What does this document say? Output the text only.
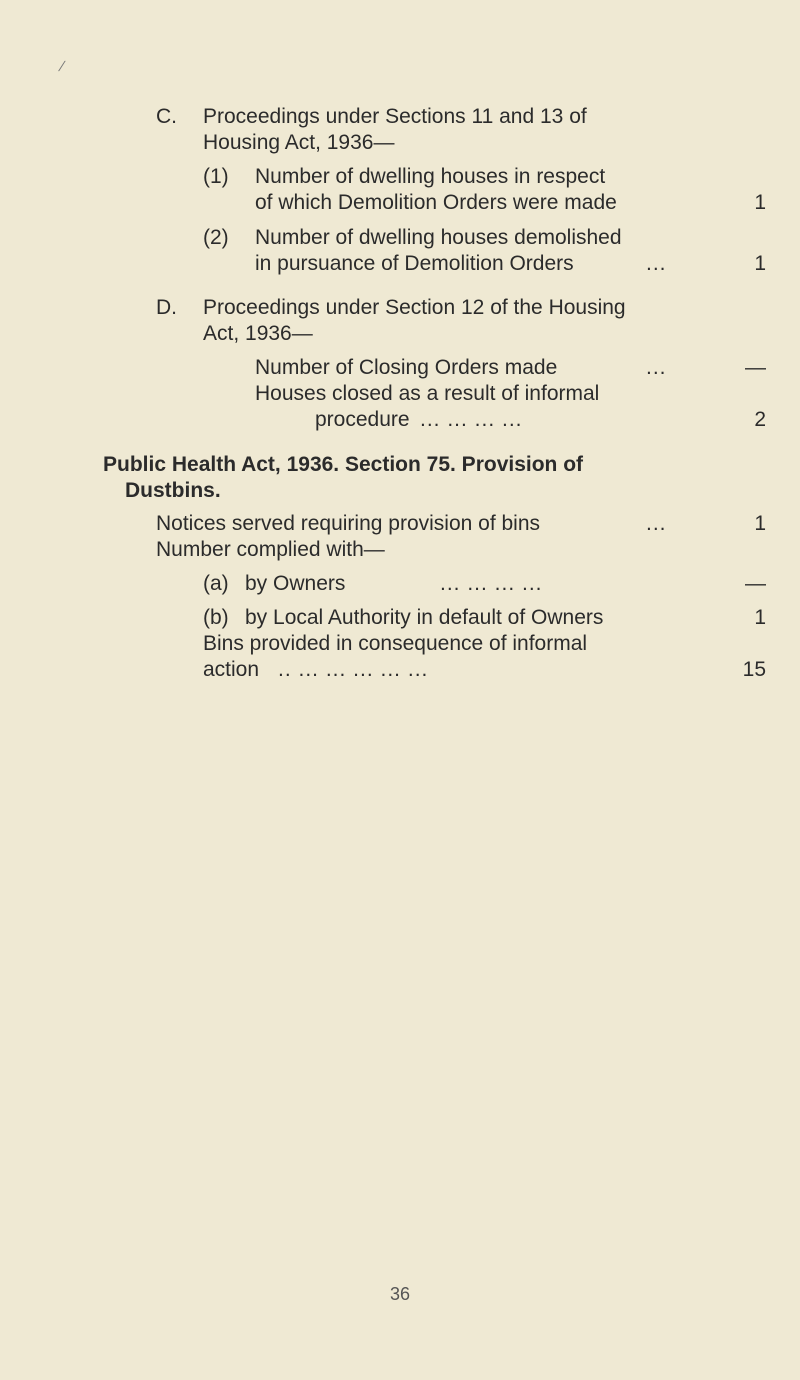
/
C. Proceedings under Sections 11 and 13 of
Housing Act, 1936—
(1) Number of dwelling houses in respect
of which Demolition Orders were made	1
(2) Number of dwelling houses demolished
in pursuance of Demolition Orders	...	1
D. Proceedings under Section 12 of the Housing
Act, 1936—
Number of Closing Orders made	...	—
Houses closed as a result of informal
procedure ... ... ... ...	2
Public Health Act, 1936. Section 75. Provision of
Dustbins.
Notices served requiring provision of bins	...	1
Number complied with—
(a) by Owners	... ... ... ...	—
(b) by Local Authority in default of Owners	1
Bins provided in consequence of informal
action .. ... ... ... ... ...	15
36
